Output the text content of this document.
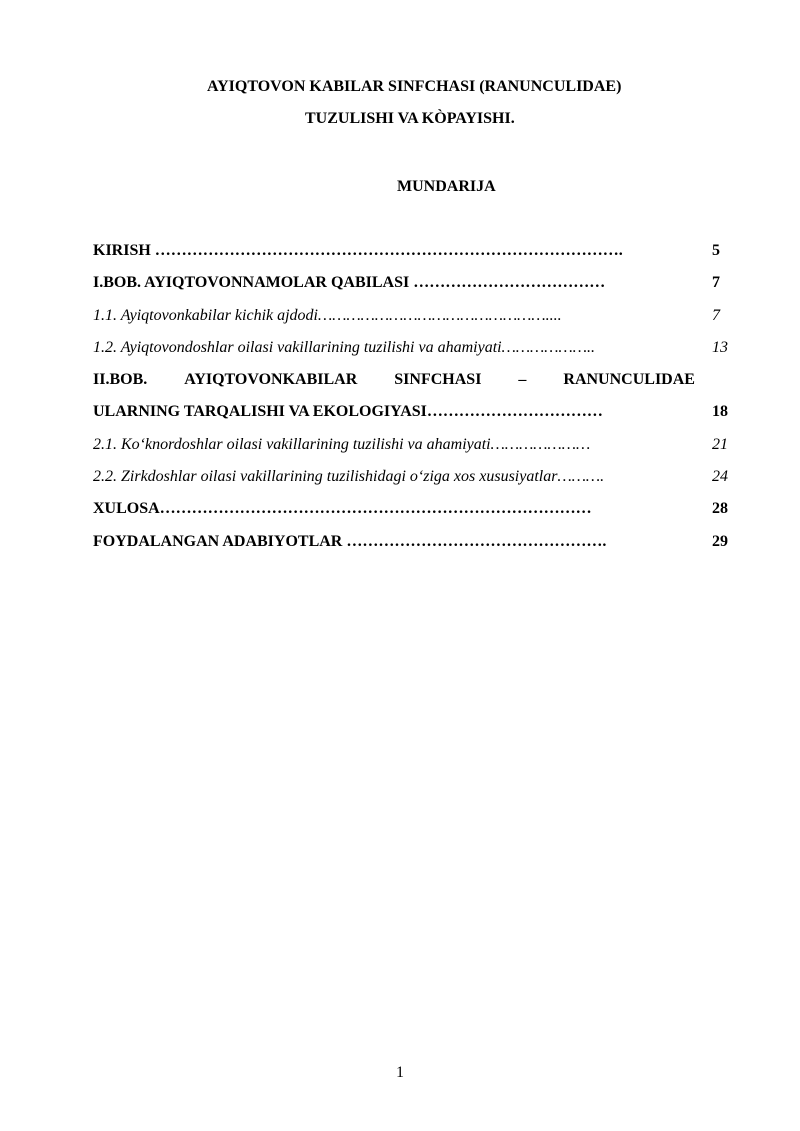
AYIQTOVON KABILAR SINFCHASI (RANUNCULIDAE)
TUZULISHI VA KÒPAYISHI.
MUNDARIJA
KIRISH …………………………………………………………………………….	5
I.BOB. AYIQTOVONNAMOLAR QABILASI ………………………………	7
1.1. Ayiqtovonkabilar kichik ajdodi…………………………………………....	7
1.2. Ayiqtovondoshlar oilasi vakillarining tuzilishi va ahamiyati………………..	13
II.BOB. AYIQTOVONKABILAR SINFCHASI – RANUNCULIDAE
ULARNING TARQALISHI VA EKOLOGIYASI……………………………	18
2.1. Ko‘knordoshlar oilasi vakillarining tuzilishi va ahamiyati…………………	21
2.2. Zirkdoshlar oilasi vakillarining tuzilishidagi o‘ziga xos xususiyatlar……….	24
XULOSA………………………………………………………………………	28
FOYDALANGAN ADABIYOTLAR ………………………………………….	29
1
